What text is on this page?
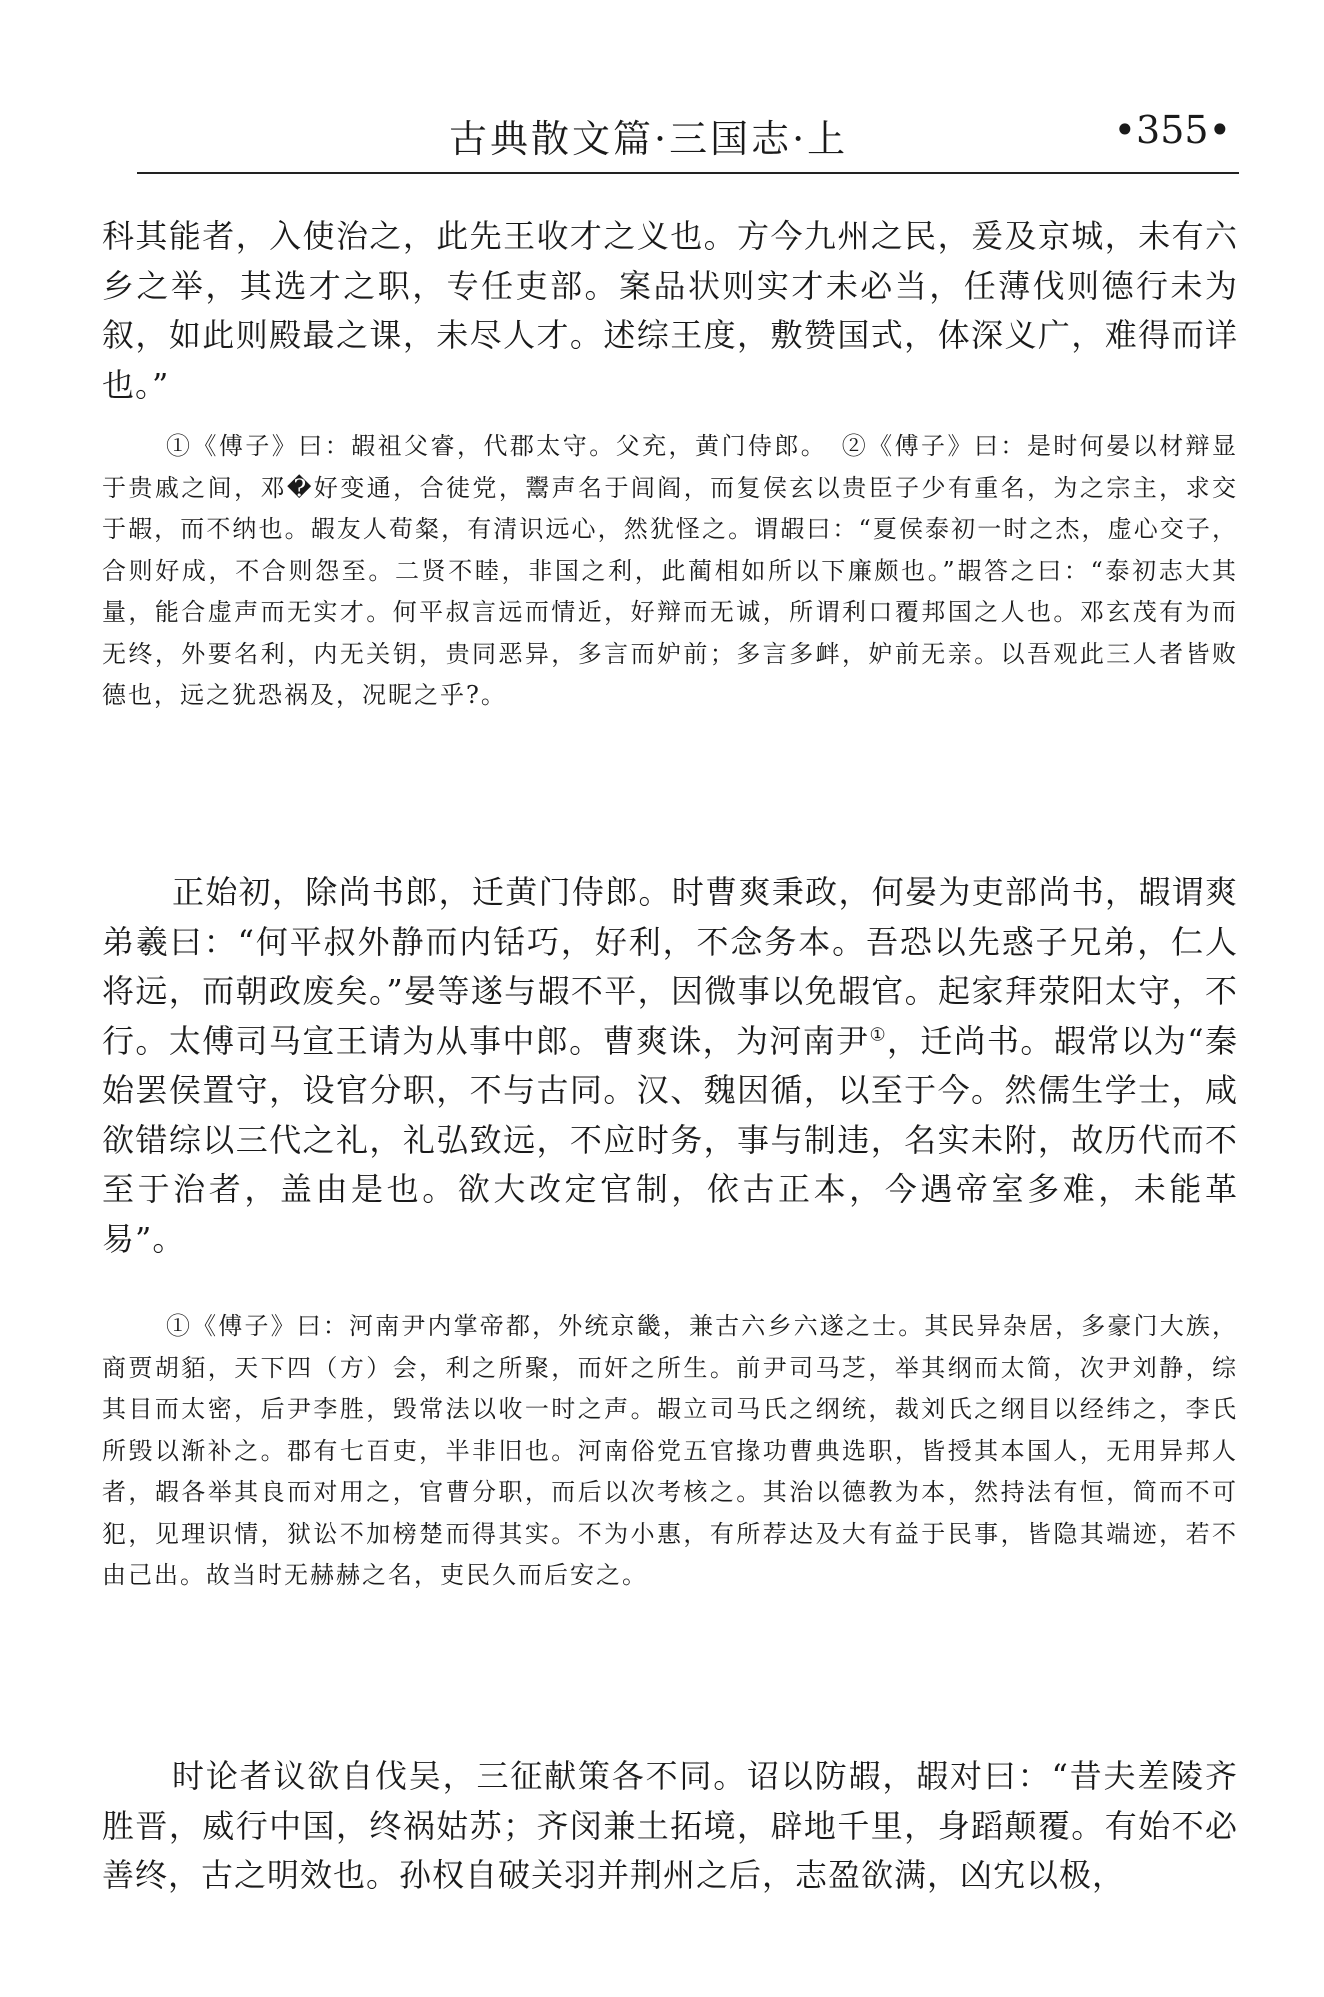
古典散文篇·三国志·上	•355•

科其能者，入使治之，此先王收才之义也。方今九州之民，爰及京城，未有六乡之举，其选才之职，专任吏部。案品状则实才未必当，任薄伐则德行未为叙，如此则殿最之课，未尽人才。述综王度，敷赞国式，体深义广，难得而详也。”

①《傅子》曰：嘏祖父睿，代郡太守。父充，黄门侍郎。　②《傅子》曰：是时何晏以材辩显于贵戚之间，邓�好变通，合徒党，鬻声名于闾阎，而复侯玄以贵臣子少有重名，为之宗主，求交于嘏，而不纳也。嘏友人荀粲，有清识远心，然犹怪之。谓嘏曰：“夏侯泰初一时之杰，虚心交子，合则好成，不合则怨至。二贤不睦，非国之利，此蔺相如所以下廉颇也。”嘏答之曰：“泰初志大其量，能合虚声而无实才。何平叔言远而情近，好辩而无诚，所谓利口覆邦国之人也。邓玄茂有为而无终，外要名利，内无关钥，贵同恶异，多言而妒前；多言多衅，妒前无亲。以吾观此三人者皆败德也，远之犹恐祸及，况昵之乎?。

正始初，除尚书郎，迁黄门侍郎。时曹爽秉政，何晏为吏部尚书，嘏谓爽弟羲曰：“何平叔外静而内铦巧，好利，不念务本。吾恐以先惑子兄弟，仁人将远，而朝政废矣。”晏等遂与嘏不平，因微事以免嘏官。起家拜荥阳太守，不行。太傅司马宣王请为从事中郎。曹爽诛，为河南尹①，迁尚书。嘏常以为“秦始罢侯置守，设官分职，不与古同。汉、魏因循，以至于今。然儒生学士，咸欲错综以三代之礼，礼弘致远，不应时务，事与制违，名实未附，故历代而不至于治者，盖由是也。欲大改定官制，依古正本，今遇帝室多难，未能革易”。

①《傅子》曰：河南尹内掌帝都，外统京畿，兼古六乡六遂之士。其民异杂居，多豪门大族，商贾胡貊，天下四（方）会，利之所聚，而奸之所生。前尹司马芝，举其纲而太简，次尹刘静，综其目而太密，后尹李胜，毁常法以收一时之声。嘏立司马氏之纲统，裁刘氏之纲目以经纬之，李氏所毁以渐补之。郡有七百吏，半非旧也。河南俗党五官掾功曹典选职，皆授其本国人，无用异邦人者，嘏各举其良而对用之，官曹分职，而后以次考核之。其治以德教为本，然持法有恒，简而不可犯，见理识情，狱讼不加榜楚而得其实。不为小惠，有所荐达及大有益于民事，皆隐其端迹，若不由己出。故当时无赫赫之名，吏民久而后安之。

时论者议欲自伐吴，三征献策各不同。诏以防嘏，嘏对曰：“昔夫差陵齐胜晋，威行中国，终祸姑苏；齐闵兼土拓境，辟地千里，身蹈颠覆。有始不必善终，古之明效也。孙权自破关羽并荆州之后，志盈欲满，凶宄以极，
